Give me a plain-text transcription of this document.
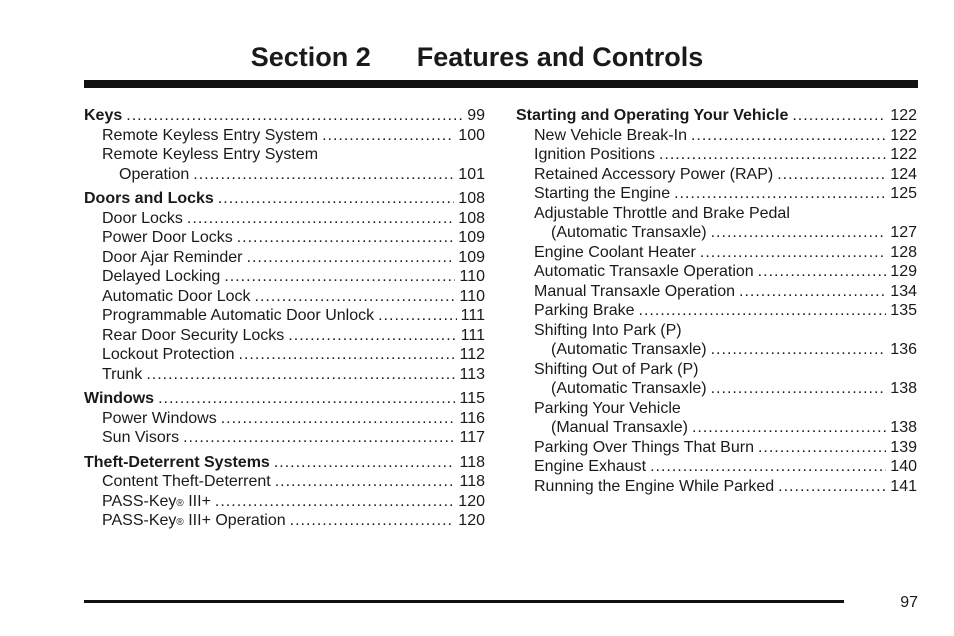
Section 2 Features and Controls
Keys .....	99
Remote Keyless Entry System .....	100
Remote Keyless Entry System
Operation .....	101
Doors and Locks .....	108
Door Locks .....	108
Power Door Locks .....	109
Door Ajar Reminder .....	109
Delayed Locking .....	110
Automatic Door Lock .....	110
Programmable Automatic Door Unlock .....	111
Rear Door Security Locks .....	111
Lockout Protection .....	112
Trunk .....	113
Windows .....	115
Power Windows .....	116
Sun Visors .....	117
Theft-Deterrent Systems .....	118
Content Theft-Deterrent .....	118
PASS-Key ® III+ .....	120
PASS-Key ® III+ Operation .....	120
Starting and Operating Your Vehicle .....	122
New Vehicle Break-In .....	122
Ignition Positions .....	122
Retained Accessory Power (RAP) .....	124
Starting the Engine .....	125
Adjustable Throttle and Brake Pedal
(Automatic Transaxle) .....	127
Engine Coolant Heater .....	128
Automatic Transaxle Operation .....	129
Manual Transaxle Operation .....	134
Parking Brake .....	135
Shifting Into Park (P)
(Automatic Transaxle) .....	136
Shifting Out of Park (P)
(Automatic Transaxle) .....	138
Parking Your Vehicle
(Manual Transaxle) .....	138
Parking Over Things That Burn .....	139
Engine Exhaust .....	140
Running the Engine While Parked .....	141
97
